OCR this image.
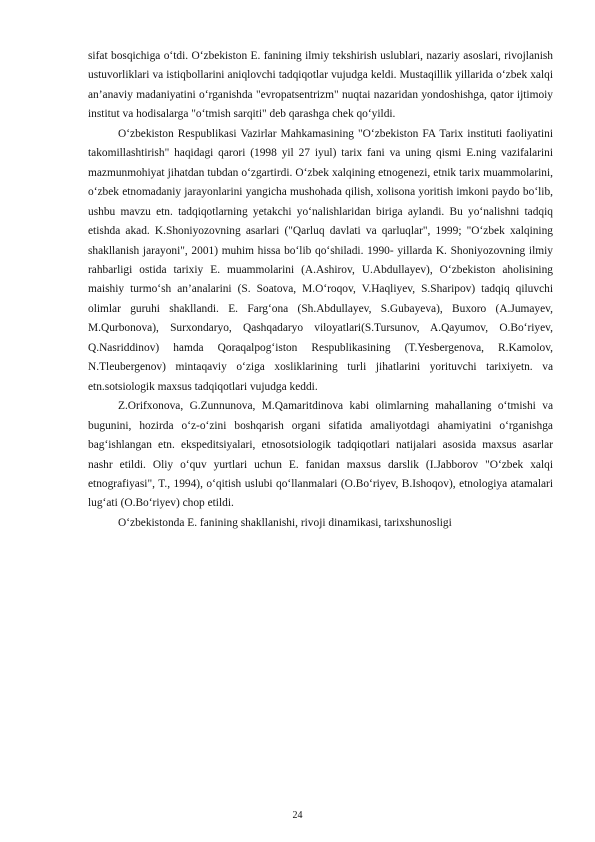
sifat bosqichiga o‘tdi. O‘zbekiston E. fanining ilmiy tekshirish uslublari, nazariy asoslari, rivojlanish ustuvorliklari va istiqbollarini aniqlovchi tadqiqotlar vujudga keldi. Mustaqillik yillarida o‘zbek xalqi an’anaviy madaniyatini o‘rganishda "evropatsentrizm" nuqtai nazaridan yondoshishga, qator ijtimoiy institut va hodisalarga "o‘tmish sarqiti" deb qarashga chek qo‘yildi.

O‘zbekiston Respublikasi Vazirlar Mahkamasining "O‘zbekiston FA Tarix instituti faoliyatini takomillashtirish" haqidagi qarori (1998 yil 27 iyul) tarix fani va uning qismi E.ning vazifalarini mazmunmohiyat jihatdan tubdan o‘zgartirdi. O‘zbek xalqining etnogenezi, etnik tarix muammolarini, o‘zbek etnomadaniy jarayonlarini yangicha mushohada qilish, xolisona yoritish imkoni paydo bo‘lib, ushbu mavzu etn. tadqiqotlarning yetakchi yo‘nalishlaridan biriga aylandi. Bu yo‘nalishni tadqiq etishda akad. K.Shoniyozovning asarlari ("Qarluq davlati va qarluqlar", 1999; "O‘zbek xalqining shakllanish jarayoni", 2001) muhim hissa bo‘lib qo‘shiladi. 1990- yillarda K. Shoniyozovning ilmiy rahbarligi ostida tarixiy E. muammolarini (A.Ashirov, U.Abdullayev), O‘zbekiston aholisining maishiy turmo‘sh an’analarini (S. Soatova, M.O‘roqov, V.Haqliyev, S.Sharipov) tadqiq qiluvchi olimlar guruhi shakllandi. E. Farg‘ona (Sh.Abdullayev, S.Gubayeva), Buxoro (A.Jumayev, M.Qurbonova), Surxondaryo, Qashqadaryo viloyatlari(S.Tursunov, A.Qayumov, O.Bo‘riyev, Q.Nasriddinov) hamda Qoraqalpog‘iston Respublikasining (T.Yesbergenova, R.Kamolov, N.Tleubergenov) mintaqaviy o‘ziga xosliklarining turli jihatlarini yorituvchi tarixiyetn. va etn.sotsiologik maxsus tadqiqotlari vujudga keddi.

Z.Orifxonova, G.Zunnunova, M.Qamaritdinova kabi olimlarning mahallaning o‘tmishi va bugunini, hozirda o‘z-o‘zini boshqarish organi sifatida amaliyotdagi ahamiyatini o‘rganishga bag‘ishlangan etn. ekspeditsiyalari, etnosotsiologik tadqiqotlari natijalari asosida maxsus asarlar nashr etildi. Oliy o‘quv yurtlari uchun E. fanidan maxsus darslik (I.Jabborov "O‘zbek xalqi etnografiyasi", T., 1994), o‘qitish uslubi qo‘llanmalari (O.Bo‘riyev, B.Ishoqov), etnologiya atamalari lug‘ati (O.Bo‘riyev) chop etildi.

O‘zbekistonda E. fanining shakllanishi, rivoji dinamikasi, tarixshunosligi

24
